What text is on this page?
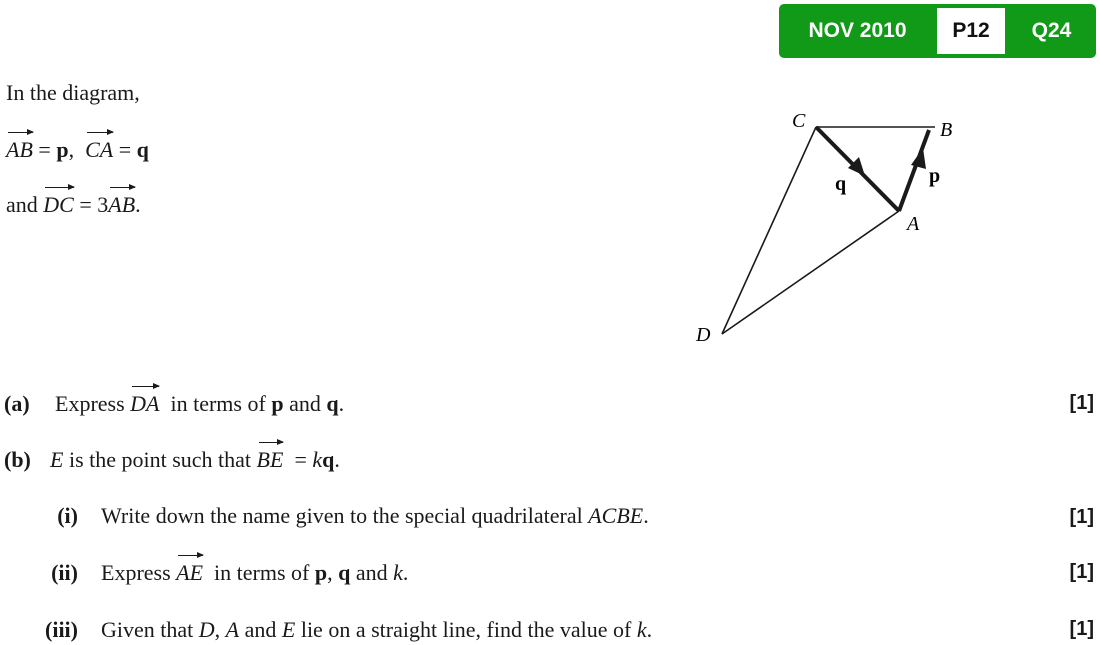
NOV 2010	P12	Q24
In the diagram,
AB = p,  CA = q
and DC = 3AB.
C	B
A
D
p
q
(a)	Express DA  in terms of p and q.	[1]
(b) E is the point such that BE  = kq.
(i) Write down the name given to the special quadrilateral ACBE.	[1]
(ii) Express AE  in terms of p, q and k.	[1]
(iii) Given that D, A and E lie on a straight line, find the value of k.	[1]
